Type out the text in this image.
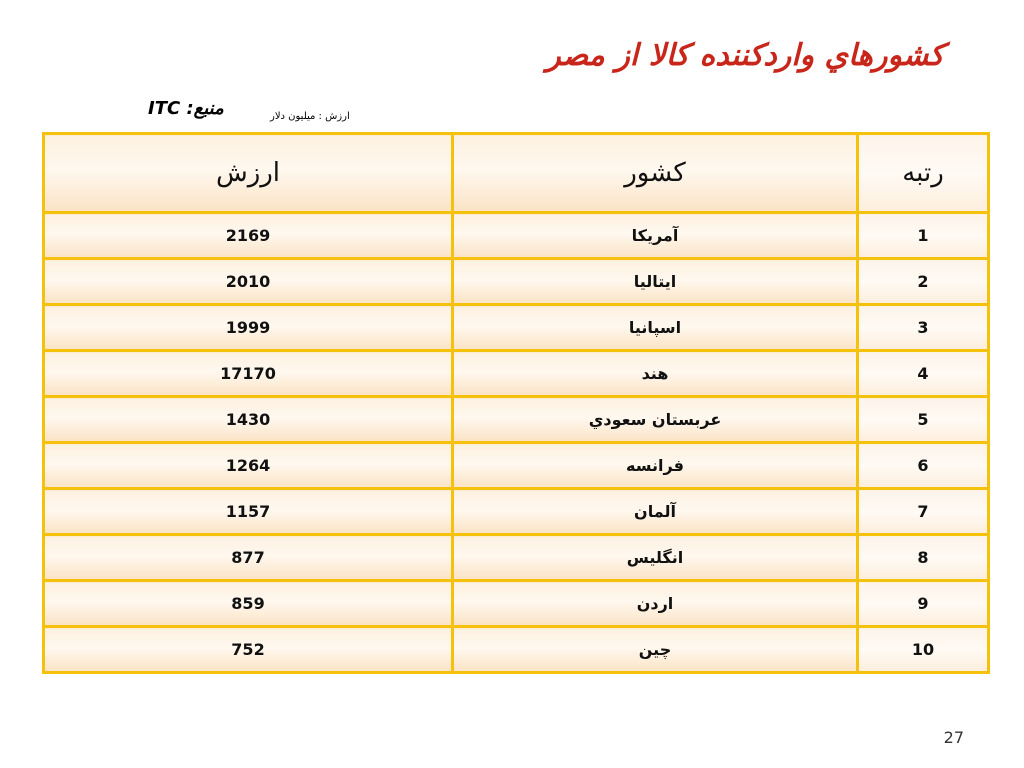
کشورهاي واردکننده کالا از مصر
منبع: ITC	ارزش : ميليون دلار
رتبه	کشور	ارزش
1	آمریکا	2169
2	ایتالیا	2010
3	اسپانیا	1999
4	هند	17170
5	عربستان سعودي	1430
6	فرانسه	1264
7	آلمان	1157
8	انگلیس	877
9	اردن	859
10	چین	752
27
